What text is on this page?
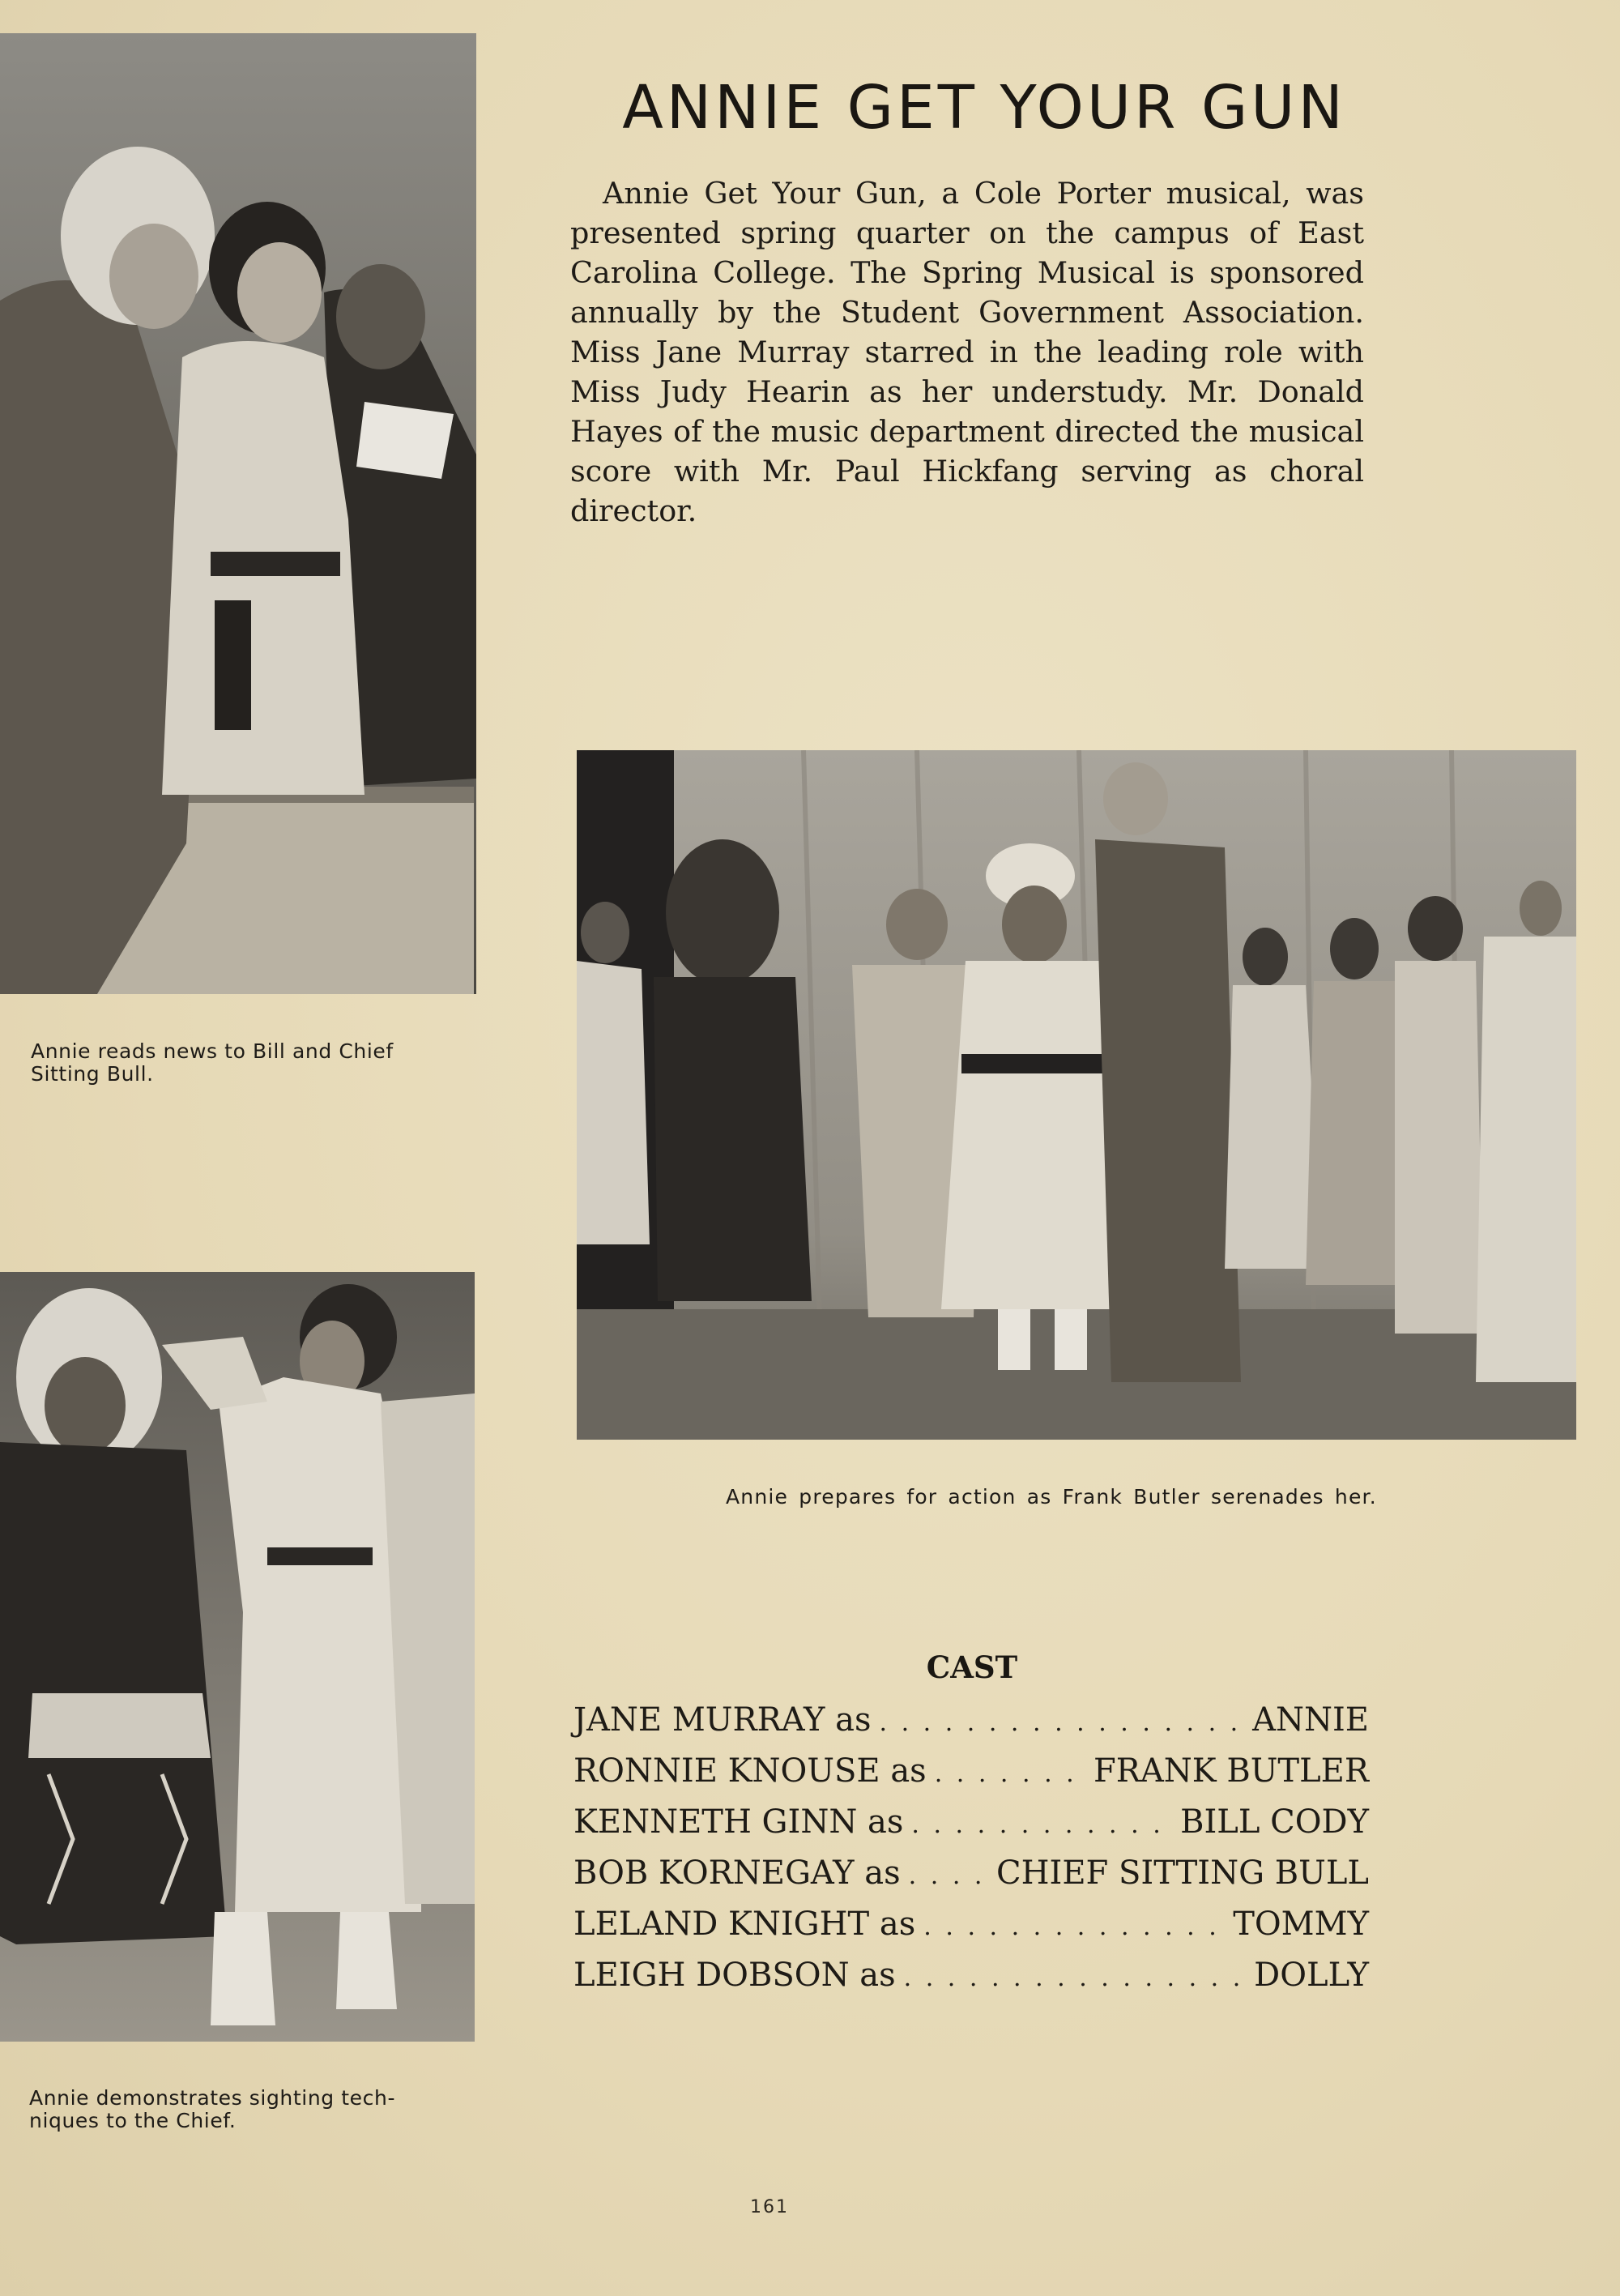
Annie reads news to Bill and Chief Sitting Bull.

ANNIE GET YOUR GUN

Annie Get Your Gun, a Cole Porter musical, was presented spring quarter on the campus of East Carolina College. The Spring Musical is sponsored annually by the Student Government Association. Miss Jane Murray starred in the leading role with Miss Judy Hearin as her understudy. Mr. Donald Hayes of the music department directed the musical score with Mr. Paul Hickfang serving as choral director.

Annie prepares for action as Frank Butler serenades her.

Annie demonstrates sighting tech-niques to the Chief.

CAST
JANE MURRAY as . . .	ANNIE
RONNIE KNOUSE as . . .	FRANK BUTLER
KENNETH GINN as . . .	BILL CODY
BOB KORNEGAY as . . .	CHIEF SITTING BULL
LELAND KNIGHT as . . .	TOMMY
LEIGH DOBSON as . . .	DOLLY
161
